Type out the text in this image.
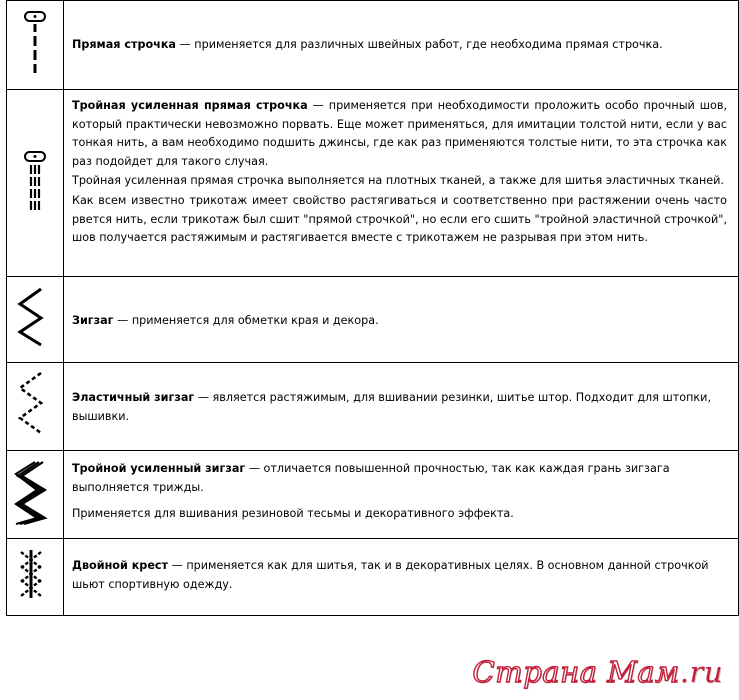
Прямая строчка — применяется для различных швейных работ, где необходима прямая строчка.

Тройная усиленная прямая строчка — применяется при необходимости проложить особо прочный шов, который практически невозможно порвать. Еще может применяться, для имитации толстой нити, если у вас тонкая нить, а вам необходимо подшить джинсы, где как раз применяются толстые нити, то эта строчка как раз подойдет для такого случая.

Тройная усиленная прямая строчка выполняется на плотных тканей, а также для шитья эластичных тканей.

Как всем известно трикотаж имеет свойство растягиваться и соответственно при растяжении очень часто рвется нить, если трикотаж был сшит "прямой строчкой", но если его сшить "тройной эластичной строчкой", шов получается растяжимым и растягивается вместе с трикотажем не разрывая при этом нить.

Зигзаг — применяется для обметки края и декора.

Эластичный зигзаг — является растяжимым, для вшивании резинки, шитье штор. Подходит для штопки, вышивки.

Тройной усиленный зигзаг — отличается повышенной прочностью, так как каждая грань зигзага выполняется трижды.

Применяется для вшивания резиновой тесьмы и декоративного эффекта.

Двойной крест — применяется как для шитья, так и в декоративных целях. В основном данной строчкой шьют спортивную одежду.

Страна Мам.ru
